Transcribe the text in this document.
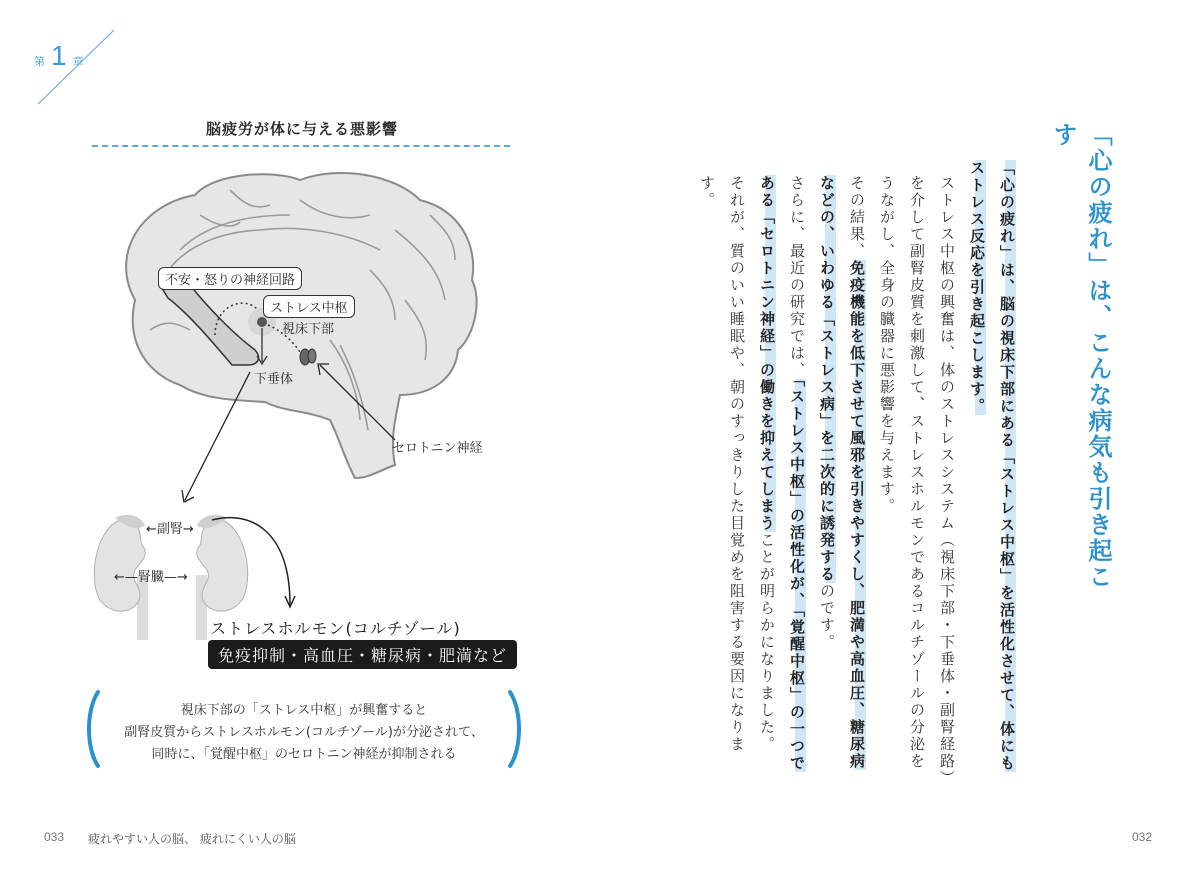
第 1 章
脳疲労が体に与える悪影響
不安・怒りの神経回路
ストレス中枢
視床下部
下垂体
セロトニン神経
←副腎→
←—腎臓—→
ストレスホルモン(コルチゾール)
免疫抑制・高血圧・糖尿病・肥満など
視床下部の「ストレス中枢」が興奮すると
副腎皮質からストレスホルモン(コルチゾール)が分泌されて、
同時に、「覚醒中枢」のセロトニン神経が抑制される
033 疲れやすい人の脳、 疲れにくい人の脳	032
「心の疲れ」は、こんな病気も引き起こす
「心の疲れ」は、脳の視床下部にある「ストレス中枢」を活性化させて、体にもストレス反応を引き起こします。
ストレス中枢の興奮は、体のストレスシステム（視床下部・下垂体・副腎経路）を介して副腎皮質を刺激して、ストレスホルモンであるコルチゾールの分泌をうながし、全身の臓器に悪影響を与えます。
その結果、免疫機能を低下させて風邪を引きやすくし、肥満や高血圧、糖尿病などの、いわゆる「ストレス病」を二次的に誘発するのです。
さらに、最近の研究では、「ストレス中枢」の活性化が、「覚醒中枢」の一つである「セロトニン神経」の働きを抑えてしまうことが明らかになりました。
それが、質のいい睡眠や、朝のすっきりした目覚めを阻害する要因になります。
